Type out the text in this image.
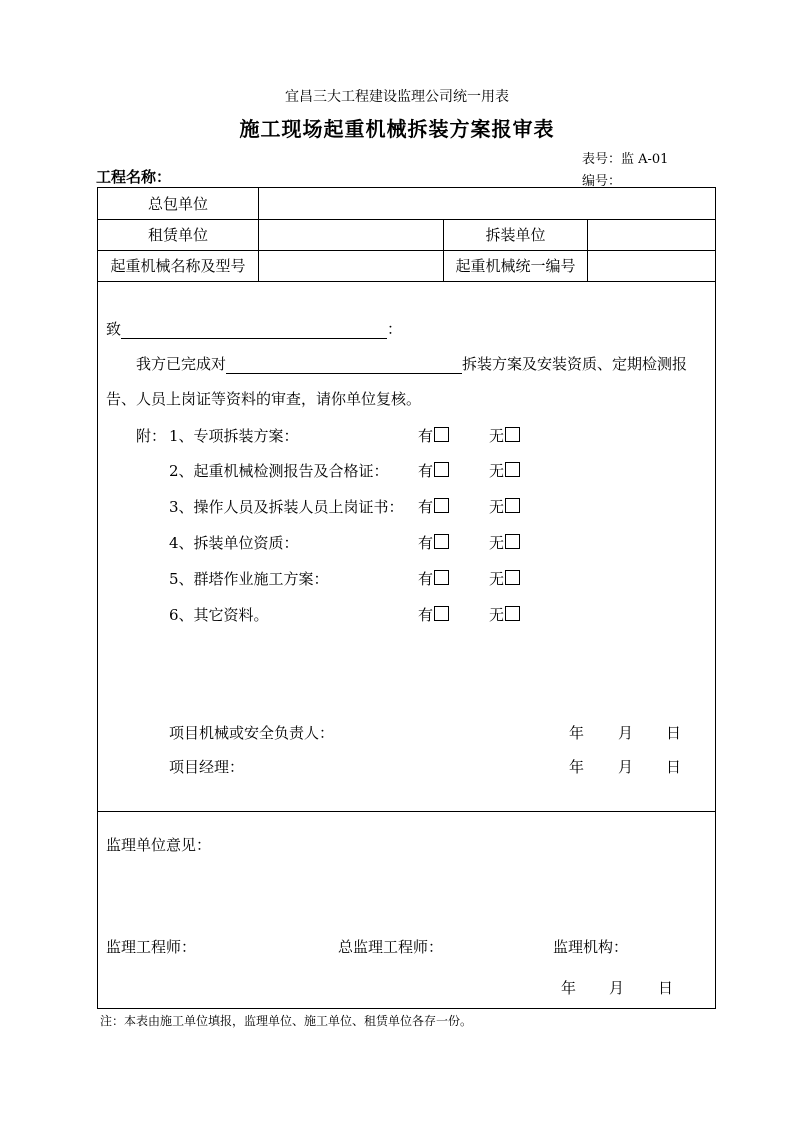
宜昌三大工程建设监理公司统一用表
施工现场起重机械拆装方案报审表
表号：监 A-01
编号：
工程名称：
总包单位
租赁单位	拆装单位
起重机械名称及型号	起重机械统一编号
致	：
我方已完成对	拆装方案及安装资质、定期检测报
告、人员上岗证等资料的审查，请你单位复核。
附： 1、专项拆装方案：	有	无
2、起重机械检测报告及合格证： 有	无
3、操作人员及拆装人员上岗证书： 有	无
4、拆装单位资质：	有	无
5、群塔作业施工方案：	有	无
6、其它资料。	有	无
项目机械或安全负责人：	年 月 日
项目经理：	年 月 日
监理单位意见：
监理工程师：	总监理工程师：	监理机构：
年 月 日
注：本表由施工单位填报，监理单位、施工单位、租赁单位各存一份。
